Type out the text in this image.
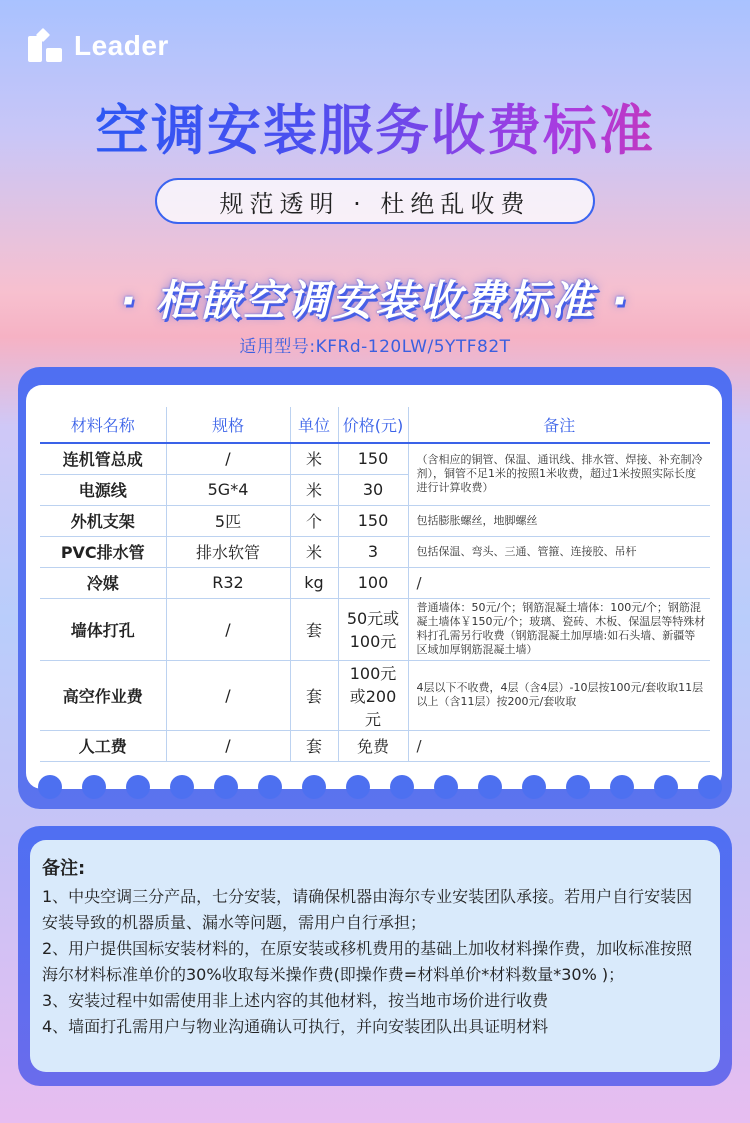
Leader
空调安装服务收费标准
规范透明 · 杜绝乱收费
· 柜嵌空调安装收费标准 ·
适用型号:KFRd-120LW/5YTF82T
材料名称	规格	单位	价格(元)	备注
连机管总成	/	米	150	（含相应的铜管、保温、通讯线、排水管、焊接、补充制冷剂），铜管不足1米的按照1米收费，超过1米按照实际长度进行计算收费）
电源线	5G*4	米	30	
外机支架	5匹	个	150	包括膨胀螺丝，地脚螺丝
PVC排水管	排水软管	米	3	包括保温、弯头、三通、管箍、连接胶、吊杆
冷媒	R32	kg	100	/
墙体打孔	/	套	50元或100元	普通墙体：50元/个；钢筋混凝土墙体：100元/个；钢筋混凝土墙体￥150元/个；玻璃、瓷砖、木板、保温层等特殊材料打孔需另行收费（钢筋混凝土加厚墙:如石头墙、新疆等区域加厚钢筋混凝土墙）
高空作业费	/	套	100元或200元	4层以下不收费，4层（含4层）-10层按100元/套收取11层以上（含11层）按200元/套收取
人工费	/	套	免费	/
备注:

1、中央空调三分产品，七分安装，请确保机器由海尔专业安装团队承接。若用户自行安装因安装导致的机器质量、漏水等问题，需用户自行承担；

2、用户提供国标安装材料的，在原安装或移机费用的基础上加收材料操作费，加收标准按照海尔材料标准单价的30%收取每米操作费(即操作费=材料单价*材料数量*30% )；

3、安装过程中如需使用非上述内容的其他材料，按当地市场价进行收费

4、墙面打孔需用户与物业沟通确认可执行，并向安装团队出具证明材料
